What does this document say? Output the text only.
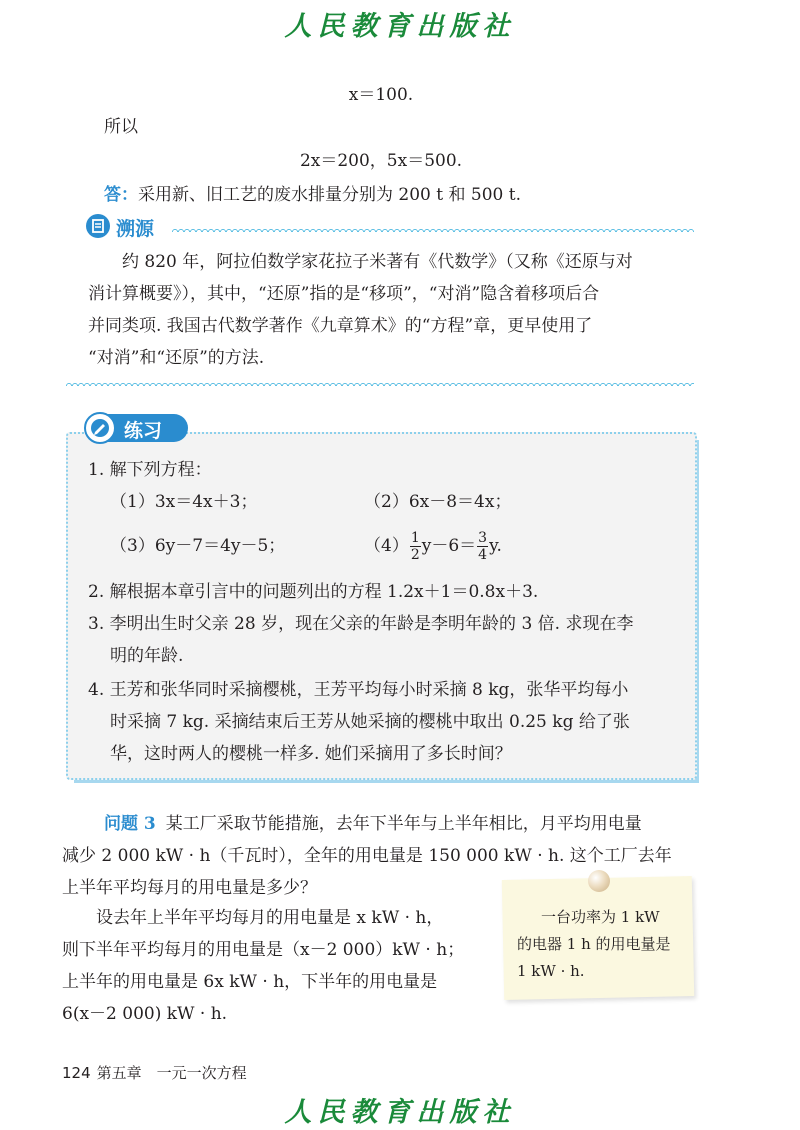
人民教育出版社
x＝100.
所以
2x＝200，5x＝500.
答：采用新、旧工艺的废水排量分别为 200 t 和 500 t.
溯源
约 820 年，阿拉伯数学家花拉子米著有《代数学》（又称《还原与对
消计算概要》），其中，“还原”指的是“移项”，“对消”隐含着移项后合
并同类项. 我国古代数学著作《九章算术》的“方程”章，更早使用了
“对消”和“还原”的方法.
练习
1. 解下列方程：
（1）3x＝4x＋3；	（2）6x－8＝4x；
（3）6y－7＝4y－5；	$(4) \frac{1}{2} y-6= \frac{3}{4} y$.
2. 解根据本章引言中的问题列出的方程 1.2x＋1＝0.8x＋3.
3. 李明出生时父亲 28 岁，现在父亲的年龄是李明年龄的 3 倍. 求现在李
明的年龄.
4. 王芳和张华同时采摘樱桃，王芳平均每小时采摘 8 kg，张华平均每小
时采摘 7 kg. 采摘结束后王芳从她采摘的樱桃中取出 0.25 kg 给了张
华，这时两人的樱桃一样多. 她们采摘用了多长时间？
问题 3 某工厂采取节能措施，去年下半年与上半年相比，月平均用电量
减少 2 000 kW · h（千瓦时），全年的用电量是 150 000 kW · h. 这个工厂去年
上半年平均每月的用电量是多少？
设去年上半年平均每月的用电量是 x kW · h，
则下半年平均每月的用电量是（x－2 000）kW · h；
上半年的用电量是 6x kW · h，下半年的用电量是
6(x－2 000) kW · h.
一台功率为 1 kW
的电器 1 h 的用电量是
1 kW · h.
124 第五章　一元一次方程
人民教育出版社
